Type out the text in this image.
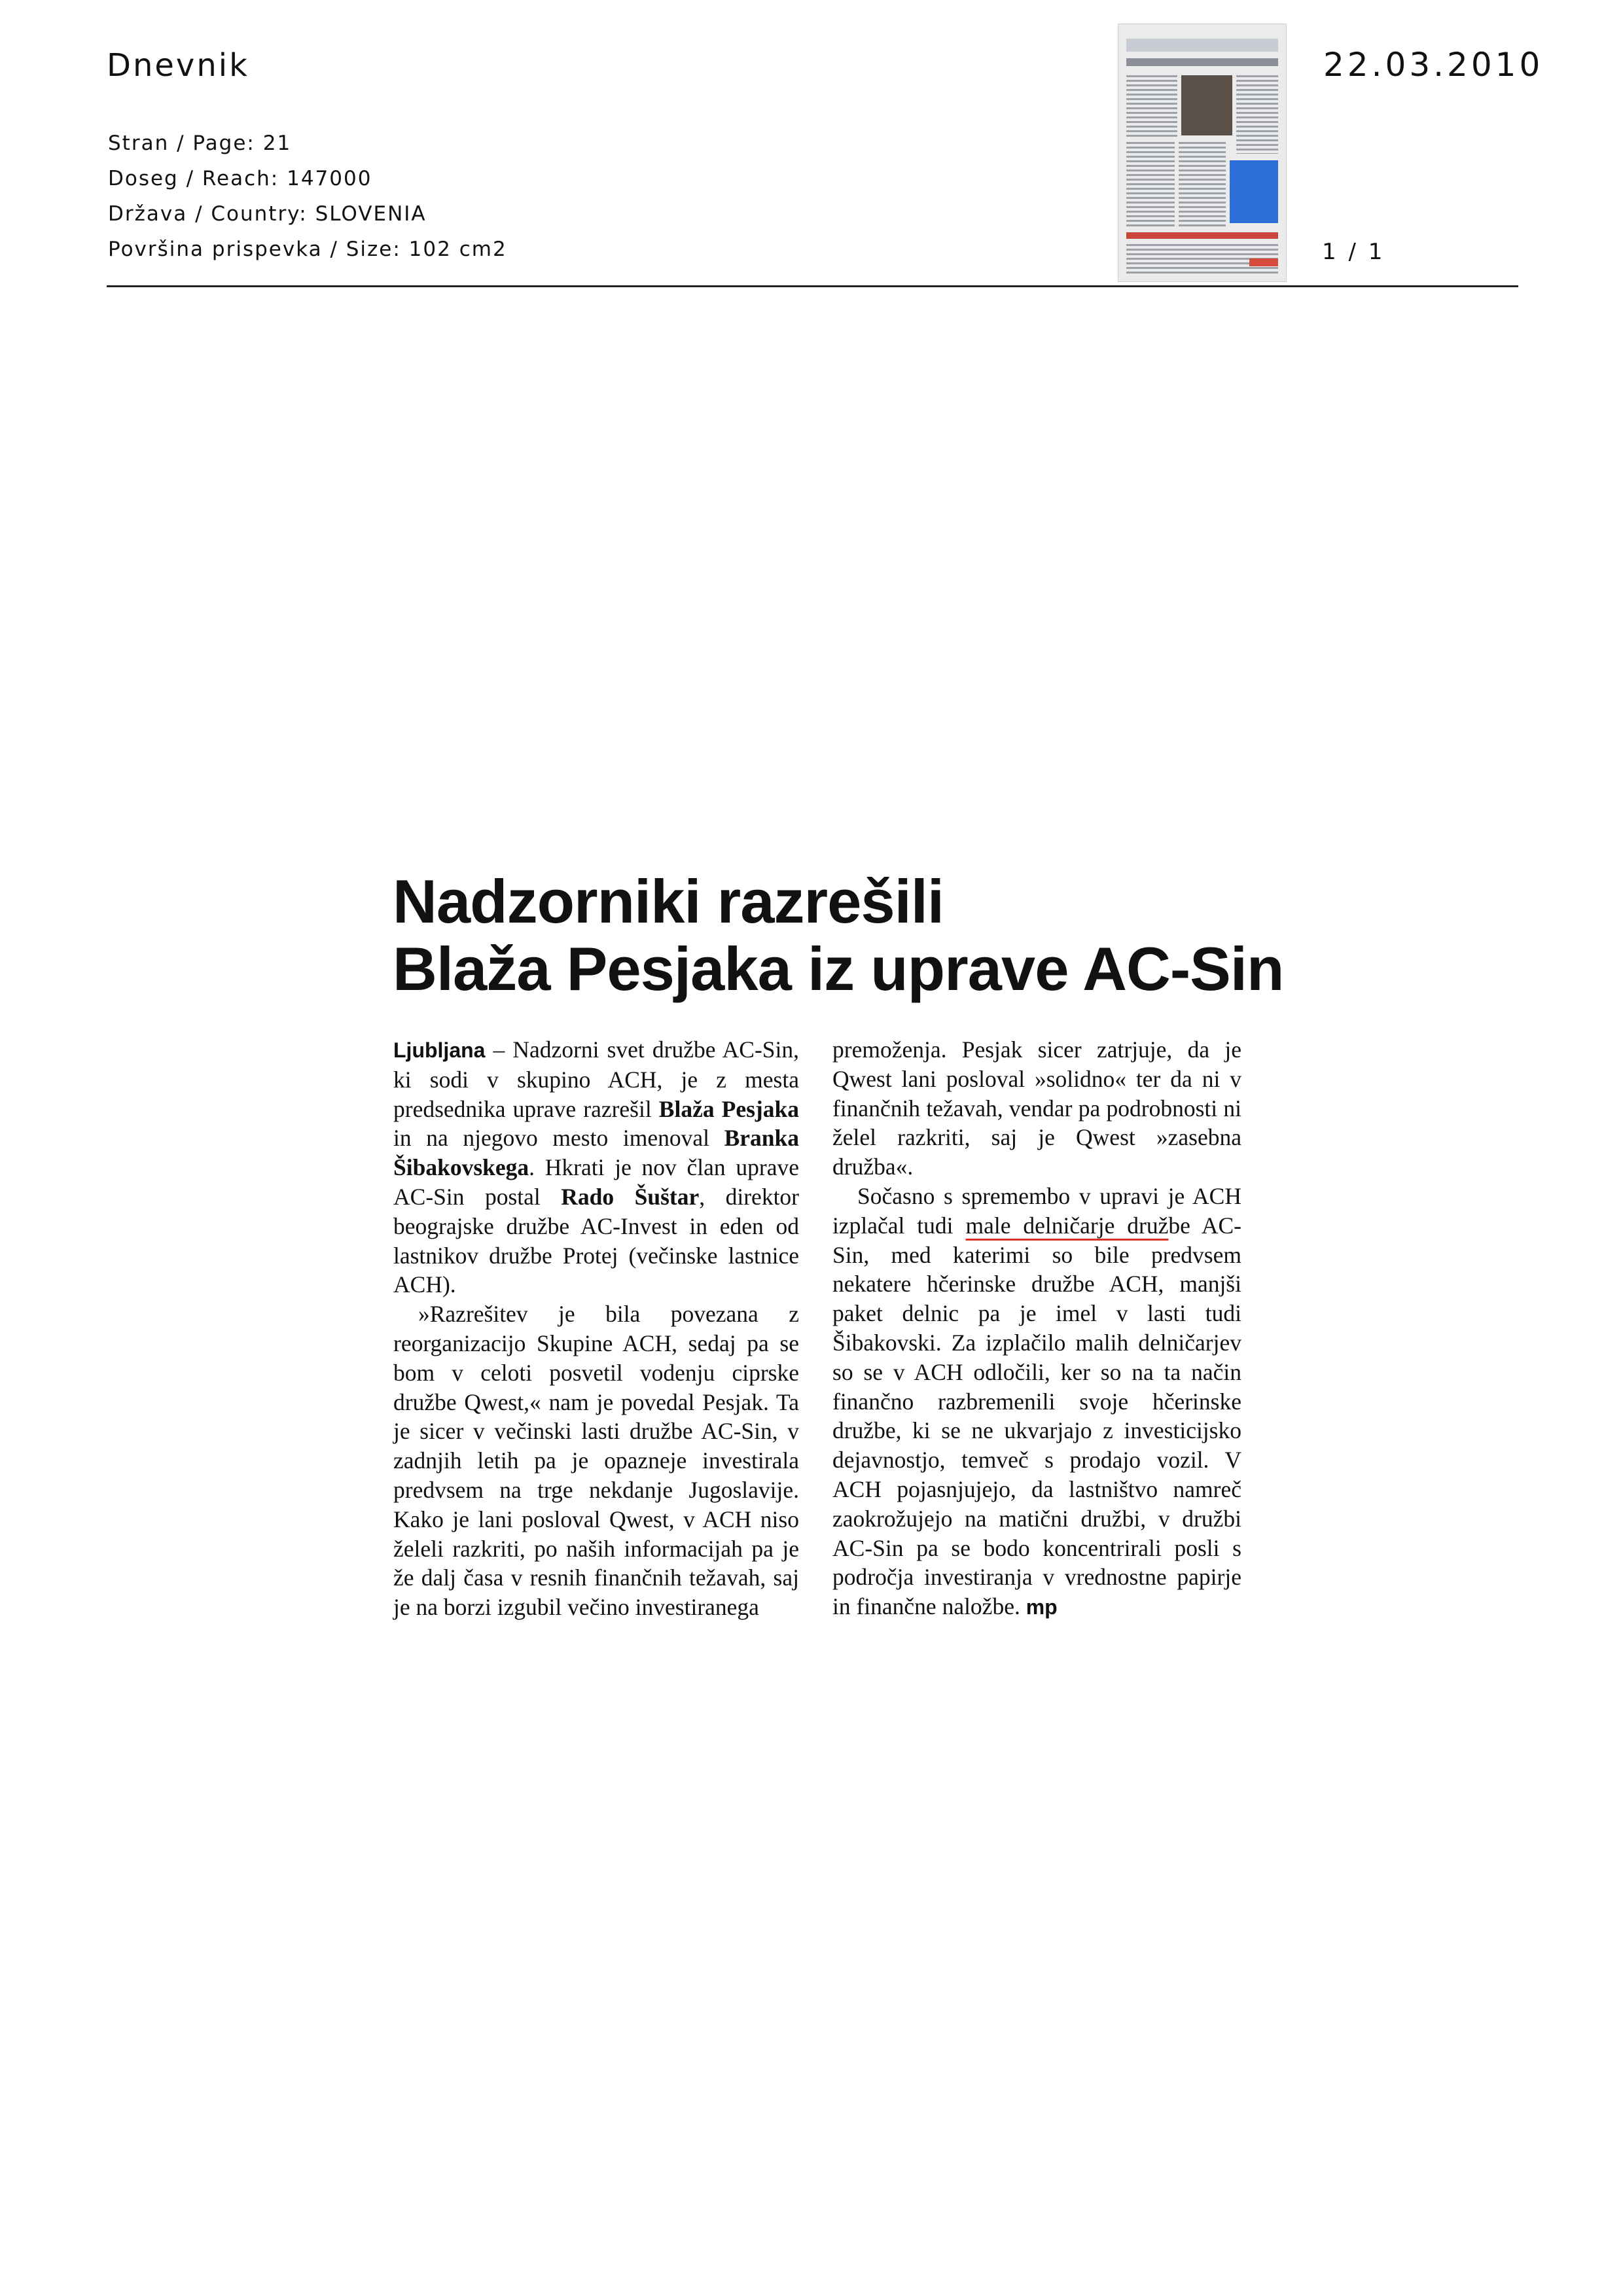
Dnevnik
Stran / Page: 21
Doseg / Reach: 147000
Država / Country: SLOVENIA
Površina prispevka / Size: 102 cm2
22.03.2010
1 / 1
Nadzorniki razrešili
Blaža Pesjaka iz uprave AC-Sin

Ljubljana – Nadzorni svet družbe AC-Sin, ki sodi v skupino ACH, je z mesta predsednika uprave razrešil Blaža Pesjaka in na njegovo mesto imenoval Branka Šibakovskega. Hkrati je nov član uprave AC-Sin postal Rado Šuštar, direktor beograjske družbe AC-Invest in eden od lastnikov družbe Protej (večinske lastnice ACH).

»Razrešitev je bila povezana z reorganizacijo Skupine ACH, sedaj pa se bom v celoti posvetil vodenju ciprske družbe Qwest,« nam je povedal Pesjak. Ta je sicer v večinski lasti družbe AC-Sin, v zadnjih letih pa je opazneje investirala predvsem na trge nekdanje Jugoslavije. Kako je lani posloval Qwest, v ACH niso želeli razkriti, po naših informacijah pa je že dalj časa v resnih finančnih težavah, saj je na borzi izgubil večino investiranega

premoženja. Pesjak sicer zatrjuje, da je Qwest lani posloval »solidno« ter da ni v finančnih težavah, vendar pa podrobnosti ni želel razkriti, saj je Qwest »zasebna družba«.

Sočasno s spremembo v upravi je ACH izplačal tudi male delničarje družbe AC-Sin, med katerimi so bile predvsem nekatere hčerinske družbe ACH, manjši paket delnic pa je imel v lasti tudi Šibakovski. Za izplačilo malih delničarjev so se v ACH odločili, ker so na ta način finančno razbremenili svoje hčerinske družbe, ki se ne ukvarjajo z investicijsko dejavnostjo, temveč s prodajo vozil. V ACH pojasnjujejo, da lastništvo namreč zaokrožujejo na matični družbi, v družbi AC-Sin pa se bodo koncentrirali posli s področja investiranja v vrednostne papirje in finančne naložbe. mp
